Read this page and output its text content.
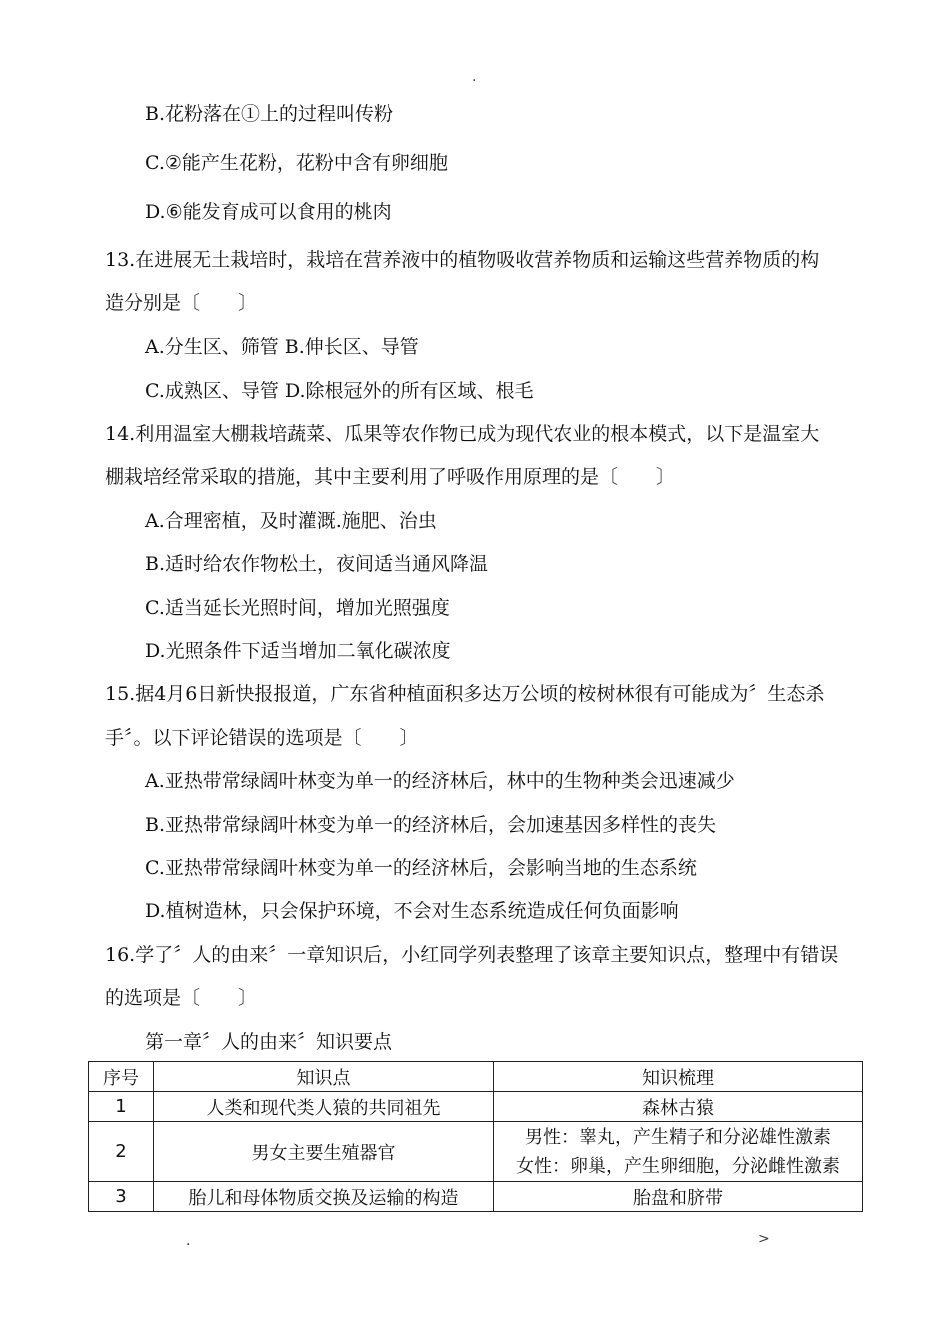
.
B.花粉落在①上的过程叫传粉
C.②能产生花粉，花粉中含有卵细胞
D.⑥能发育成可以食用的桃肉
13.在进展无土栽培时，栽培在营养液中的植物吸收营养物质和运输这些营养物质的构
造分别是〔　　〕
A.分生区、筛管 B.伸长区、导管
C.成熟区、导管 D.除根冠外的所有区域、根毛
14.利用温室大棚栽培蔬菜、瓜果等农作物已成为现代农业的根本模式，以下是温室大
棚栽培经常采取的措施，其中主要利用了呼吸作用原理的是〔　　〕
A.合理密植，及时灌溉.施肥、治虫
B.适时给农作物松土，夜间适当通风降温
C.适当延长光照时间，增加光照强度
D.光照条件下适当增加二氧化碳浓度
15.据4月6日新快报报道，广东省种植面积多达万公顷的桉树林很有可能成为〞生态杀
手〞。以下评论错误的选项是〔　　〕
A.亚热带常绿阔叶林变为单一的经济林后，林中的生物种类会迅速减少
B.亚热带常绿阔叶林变为单一的经济林后，会加速基因多样性的丧失
C.亚热带常绿阔叶林变为单一的经济林后，会影响当地的生态系统
D.植树造林，只会保护环境，不会对生态系统造成任何负面影响
16.学了〞人的由来〞一章知识后，小红同学列表整理了该章主要知识点，整理中有错误
的选项是〔　　〕
第一章〞人的由来〞知识要点
序号	知识点	知识梳理
1	人类和现代类人猿的共同祖先	森林古猿
2	男女主要生殖器官	男性：睾丸，产生精子和分泌雄性激素
女性：卵巢，产生卵细胞，分泌雌性激素

3	胎儿和母体物质交换及运输的构造	胎盘和脐带
.	>
